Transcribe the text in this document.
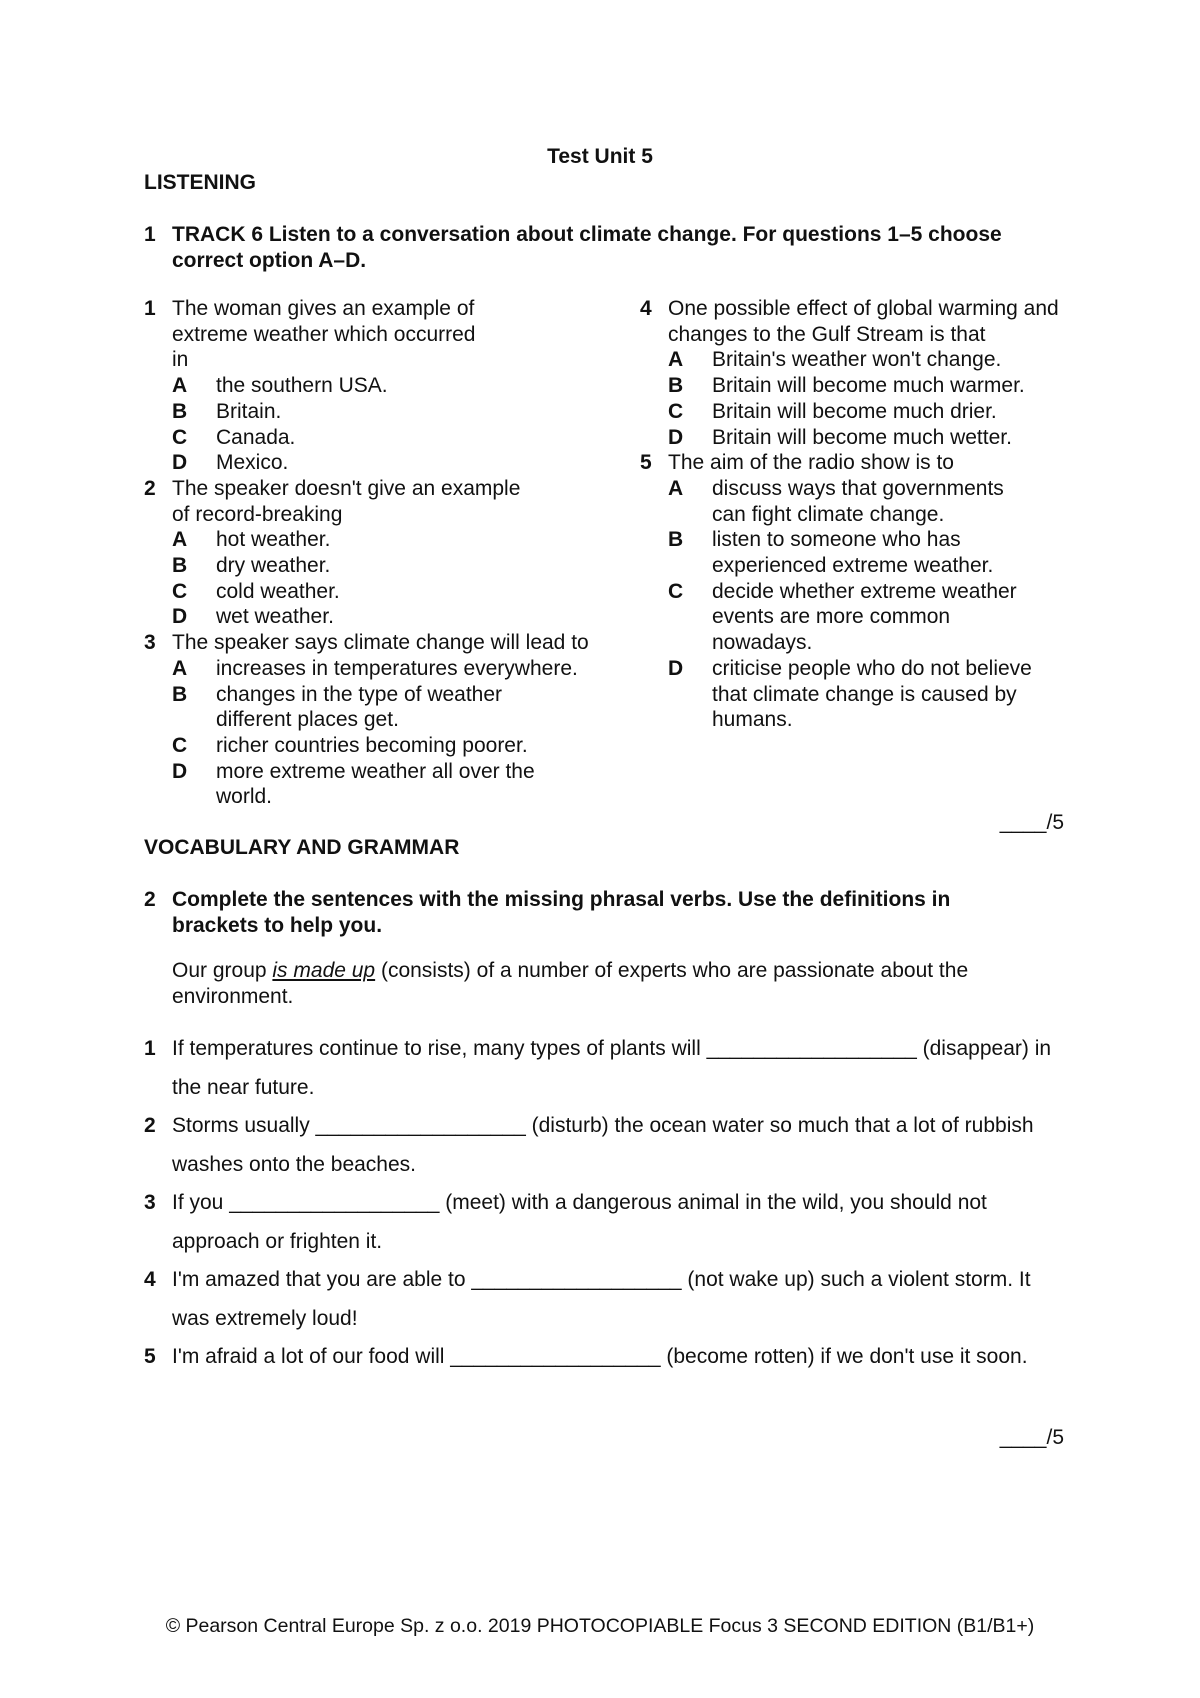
Test Unit 5
LISTENING
1 TRACK 6 Listen to a conversation about climate change. For questions 1–5 choose correct option A–D.
1 The woman gives an example of extreme weather which occurred in
A the southern USA.
B Britain.
C Canada.
D Mexico.
2 The speaker doesn't give an example of record-breaking
A hot weather.
B dry weather.
C cold weather.
D wet weather.
3 The speaker says climate change will lead to
A increases in temperatures everywhere.
B changes in the type of weather different places get.
C richer countries becoming poorer.
D more extreme weather all over the world.
4 One possible effect of global warming and changes to the Gulf Stream is that
A Britain's weather won't change.
B Britain will become much warmer.
C Britain will become much drier.
D Britain will become much wetter.
5 The aim of the radio show is to
A discuss ways that governments can fight climate change.
B listen to someone who has experienced extreme weather.
C decide whether extreme weather events are more common nowadays.
D criticise people who do not believe that climate change is caused by humans.
____/5
VOCABULARY AND GRAMMAR
2 Complete the sentences with the missing phrasal verbs. Use the definitions in brackets to help you.
Our group is made up (consists) of a number of experts who are passionate about the environment.
1 If temperatures continue to rise, many types of plants will __________________ (disappear) in the near future.
2 Storms usually __________________ (disturb) the ocean water so much that a lot of rubbish washes onto the beaches.
3 If you __________________ (meet) with a dangerous animal in the wild, you should not approach or frighten it.
4 I'm amazed that you are able to __________________ (not wake up) such a violent storm. It was extremely loud!
5 I'm afraid a lot of our food will __________________ (become rotten) if we don't use it soon.
____/5
© Pearson Central Europe Sp. z o.o. 2019 PHOTOCOPIABLE Focus 3 SECOND EDITION (B1/B1+)
